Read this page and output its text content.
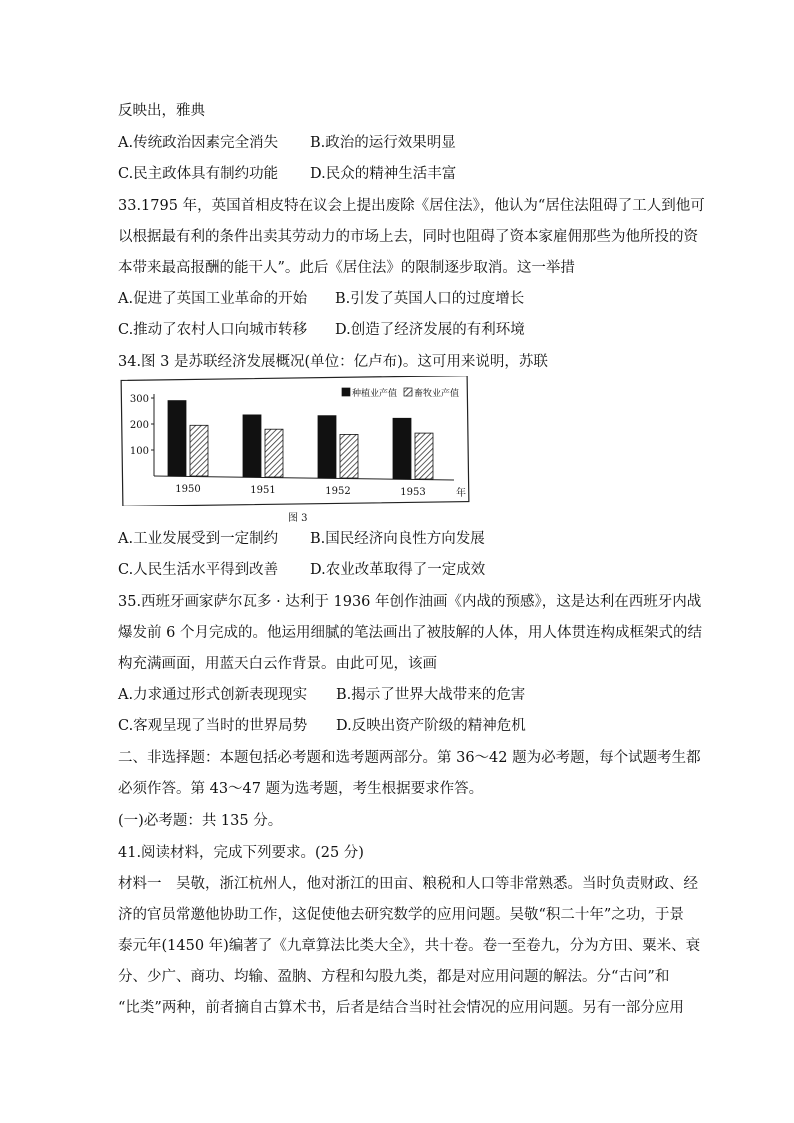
反映出，雅典
A.传统政治因素完全消失 B.政治的运行效果明显
C.民主政体具有制约功能 D.民众的精神生活丰富
33.1795 年，英国首相皮特在议会上提出废除《居住法》，他认为“居住法阻碍了工人到他可
以根据最有利的条件出卖其劳动力的市场上去，同时也阻碍了资本家雇佣那些为他所投的资
本带来最高报酬的能干人”。此后《居住法》的限制逐步取消。这一举措
A.促进了英国工业革命的开始 B.引发了英国人口的过度增长
C.推动了农村人口向城市转移 D.创造了经济发展的有利环境
34.图 3 是苏联经济发展概况(单位：亿卢布)。这可用来说明，苏联
100
200
300
1950	1951	1952	1953	年
种植业产值 畜牧业产值
图 3
A.工业发展受到一定制约 B.国民经济向良性方向发展
C.人民生活水平得到改善 D.农业改革取得了一定成效
35.西班牙画家萨尔瓦多 · 达利于 1936 年创作油画《内战的预感》，这是达利在西班牙内战
爆发前 6 个月完成的。他运用细腻的笔法画出了被肢解的人体，用人体贯连构成框架式的结
构充满画面，用蓝天白云作背景。由此可见，该画
A.力求通过形式创新表现现实 B.揭示了世界大战带来的危害
C.客观呈现了当时的世界局势 D.反映出资产阶级的精神危机
二、非选择题：本题包括必考题和选考题两部分。第 36～42 题为必考题，每个试题考生都
必须作答。第 43～47 题为选考题，考生根据要求作答。
(一)必考题：共 135 分。
41.阅读材料，完成下列要求。(25 分)
材料一　吴敬，浙江杭州人，他对浙江的田亩、粮税和人口等非常熟悉。当时负责财政、经
济的官员常邀他协助工作，这促使他去研究数学的应用问题。吴敬“积二十年”之功，于景
泰元年(1450 年)编著了《九章算法比类大全》，共十卷。卷一至卷九，分为方田、粟米、衰
分、少广、商功、均输、盈朒、方程和勾股九类，都是对应用问题的解法。分“古问”和
“比类”两种，前者摘自古算术书，后者是结合当时社会情况的应用问题。另有一部分应用
